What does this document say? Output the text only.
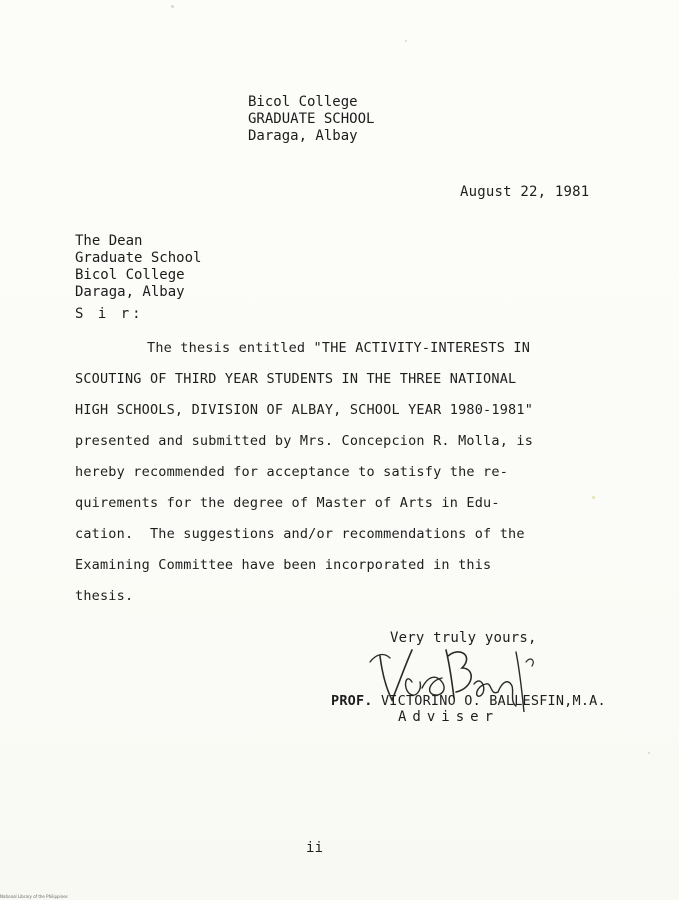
Bicol College
GRADUATE SCHOOL
Daraga, Albay
August 22, 1981
The Dean
Graduate School
Bicol College
Daraga, Albay
S i r:
The thesis entitled "THE ACTIVITY-INTERESTS IN
SCOUTING OF THIRD YEAR STUDENTS IN THE THREE NATIONAL
HIGH SCHOOLS, DIVISION OF ALBAY, SCHOOL YEAR 1980-1981"
presented and submitted by Mrs. Concepcion R. Molla, is
hereby recommended for acceptance to satisfy the re-
quirements for the degree of Master of Arts in Edu-
cation.  The suggestions and/or recommendations of the
Examining Committee have been incorporated in this
thesis.
Very truly yours,
PROF. VICTORINO O. BALLESFIN,M.A.
Adviser
ii
National Library of the Philippines
